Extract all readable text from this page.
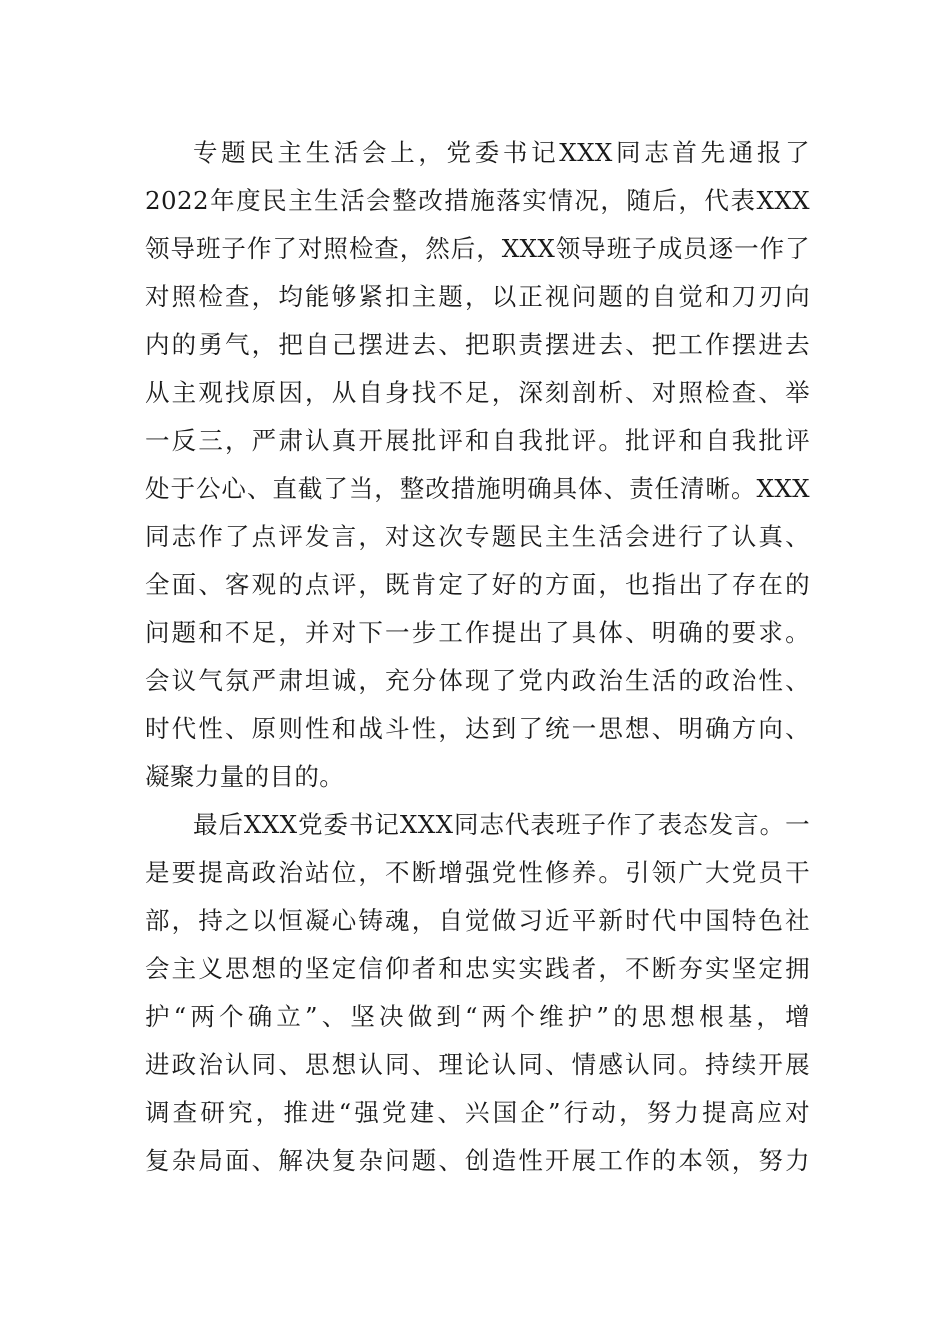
专题民主生活会上，党委书记XXX同志首先通报了
2022年度民主生活会整改措施落实情况，随后，代表XXX
领导班子作了对照检查，然后，XXX领导班子成员逐一作了
对照检查，均能够紧扣主题，以正视问题的自觉和刀刃向
内的勇气，把自己摆进去、把职责摆进去、把工作摆进去
从主观找原因，从自身找不足，深刻剖析、对照检查、举
一反三，严肃认真开展批评和自我批评。批评和自我批评
处于公心、直截了当，整改措施明确具体、责任清晰。XXX
同志作了点评发言，对这次专题民主生活会进行了认真、
全面、客观的点评，既肯定了好的方面，也指出了存在的
问题和不足，并对下一步工作提出了具体、明确的要求。
会议气氛严肃坦诚，充分体现了党内政治生活的政治性、
时代性、原则性和战斗性，达到了统一思想、明确方向、
凝聚力量的目的。
最后XXX党委书记XXX同志代表班子作了表态发言。一
是要提高政治站位，不断增强党性修养。引领广大党员干
部，持之以恒凝心铸魂，自觉做习近平新时代中国特色社
会主义思想的坚定信仰者和忠实实践者，不断夯实坚定拥
护“两个确立”、坚决做到“两个维护”的思想根基，增
进政治认同、思想认同、理论认同、情感认同。持续开展
调查研究，推进“强党建、兴国企”行动，努力提高应对
复杂局面、解决复杂问题、创造性开展工作的本领，努力
